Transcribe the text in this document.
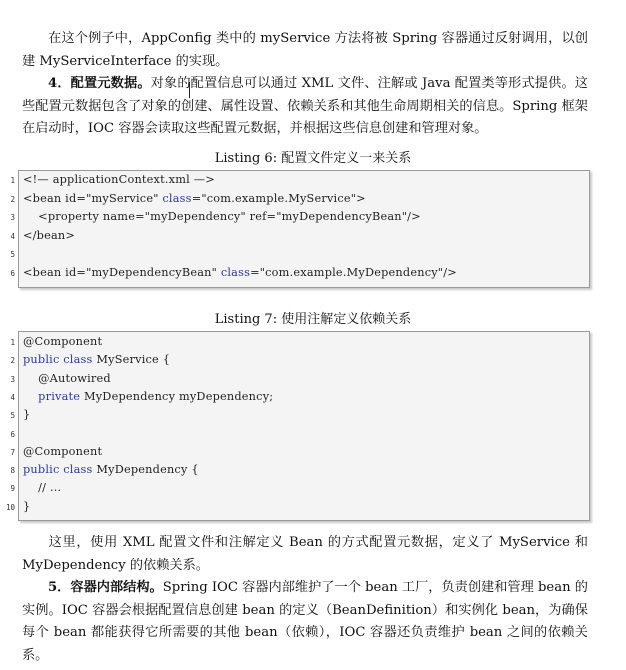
在这个例子中，AppConfig 类中的 myService 方法将被 Spring 容器通过反射调用，以创建 MyServiceInterface 的实现。

4．配置元数据。对象的配置信息可以通过 XML 文件、注解或 Java 配置类等形式提供。这些配置元数据包含了对象的创建、属性设置、依赖关系和其他生命周期相关的信息。Spring 框架在启动时，IOC 容器会读取这些配置元数据，并根据这些信息创建和管理对象。

Listing 6: 配置文件定义一来关系
1 <!— applicationContext.xml —>
2 <bean id="myService" class="com.example.MyService">
3 <property name="myDependency" ref="myDependencyBean"/>
4 </bean>
5
6 <bean id="myDependencyBean" class="com.example.MyDependency"/>
Listing 7: 使用注解定义依赖关系
1 @Component
2 public class MyService {
3 @Autowired
4	private MyDependency myDependency;
5 }
6
7 @Component
8 public class MyDependency {
9 // ...
10 }

这里，使用 XML 配置文件和注解定义 Bean 的方式配置元数据，定义了 MyService 和 MyDependency 的依赖关系。

5．容器内部结构。Spring IOC 容器内部维护了一个 bean 工厂，负责创建和管理 bean 的实例。IOC 容器会根据配置信息创建 bean 的定义（BeanDefinition）和实例化 bean，为确保每个 bean 都能获得它所需要的其他 bean（依赖），IOC 容器还负责维护 bean 之间的依赖关系。
